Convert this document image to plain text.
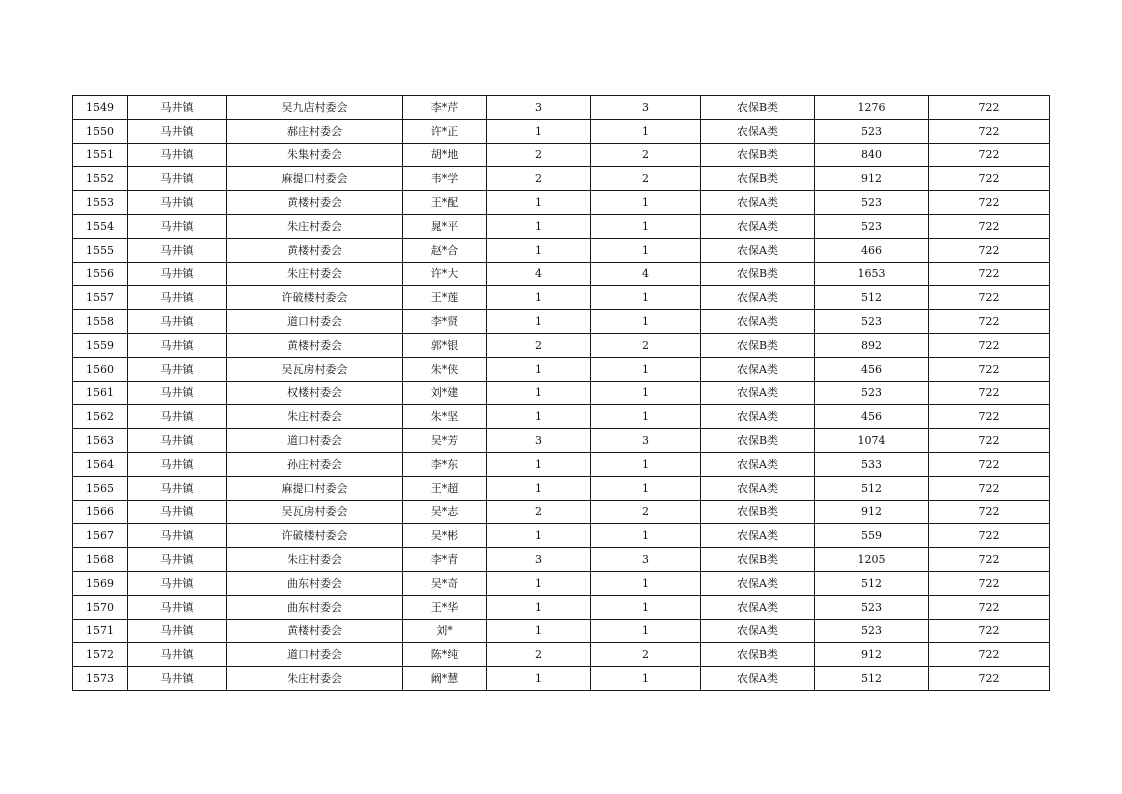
1549	马井镇	吴九店村委会	李*芹	3	3	农保B类	1276	722
1550	马井镇	郝庄村委会	许*正	1	1	农保A类	523	722
1551	马井镇	朱集村委会	胡*地	2	2	农保B类	840	722
1552	马井镇	麻提口村委会	韦*学	2	2	农保B类	912	722
1553	马井镇	黄楼村委会	王*配	1	1	农保A类	523	722
1554	马井镇	朱庄村委会	晁*平	1	1	农保A类	523	722
1555	马井镇	黄楼村委会	赵*合	1	1	农保A类	466	722
1556	马井镇	朱庄村委会	许*大	4	4	农保B类	1653	722
1557	马井镇	许破楼村委会	王*莲	1	1	农保A类	512	722
1558	马井镇	道口村委会	李*贤	1	1	农保A类	523	722
1559	马井镇	黄楼村委会	郭*银	2	2	农保B类	892	722
1560	马井镇	吴瓦房村委会	朱*侠	1	1	农保A类	456	722
1561	马井镇	权楼村委会	刘*建	1	1	农保A类	523	722
1562	马井镇	朱庄村委会	朱*坚	1	1	农保A类	456	722
1563	马井镇	道口村委会	吴*芳	3	3	农保B类	1074	722
1564	马井镇	孙庄村委会	李*东	1	1	农保A类	533	722
1565	马井镇	麻提口村委会	王*超	1	1	农保A类	512	722
1566	马井镇	吴瓦房村委会	吴*志	2	2	农保B类	912	722
1567	马井镇	许破楼村委会	吴*彬	1	1	农保A类	559	722
1568	马井镇	朱庄村委会	李*青	3	3	农保B类	1205	722
1569	马井镇	曲东村委会	吴*奇	1	1	农保A类	512	722
1570	马井镇	曲东村委会	王*华	1	1	农保A类	523	722
1571	马井镇	黄楼村委会	刘*	1	1	农保A类	523	722
1572	马井镇	道口村委会	陈*纯	2	2	农保B类	912	722
1573	马井镇	朱庄村委会	阚*慧	1	1	农保A类	512	722
